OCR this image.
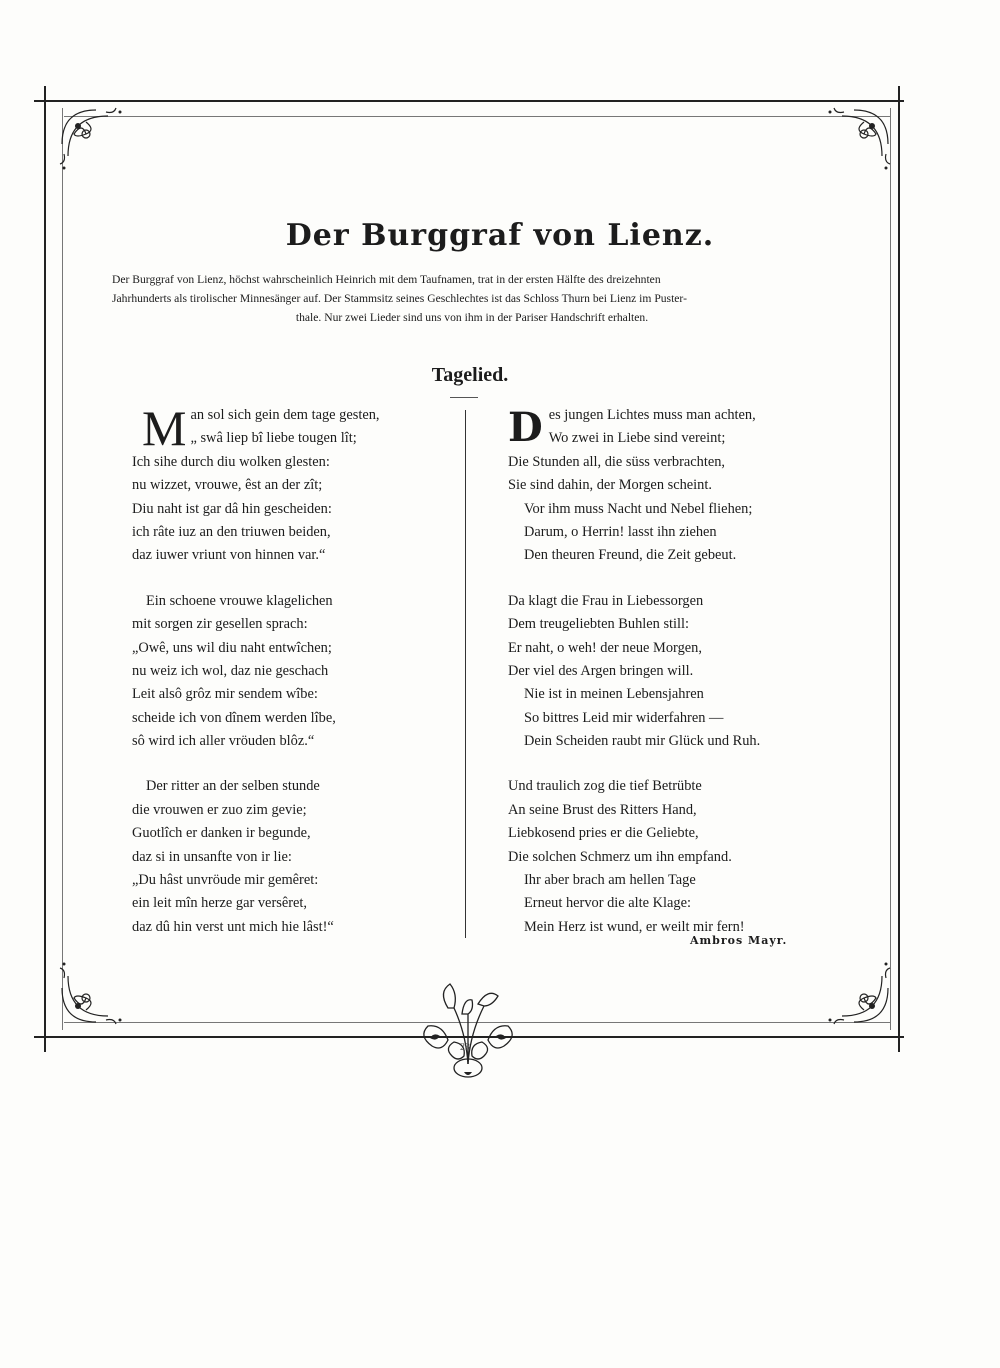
Der Burggraf von Lienz.
Der Burggraf von Lienz, höchst wahrscheinlich Heinrich mit dem Taufnamen, trat in der ersten Hälfte des dreizehnten
Jahrhunderts als tirolischer Minnesänger auf. Der Stammsitz seines Geschlechtes ist das Schloss Thurn bei Lienz im Puster-
thale. Nur zwei Lieder sind uns von ihm in der Pariser Handschrift erhalten.
Tagelied.
M an sol sich gein dem tage gesten,
„ swâ liep bî liebe tougen lît;
Ich sihe durch diu wolken glesten:
nu wizzet, vrouwe, êst an der zît;
Diu naht ist gar dâ hin gescheiden:
ich râte iuz an den triuwen beiden,
daz iuwer vriunt von hinnen var.“
Ein schoene vrouwe klagelichen
mit sorgen zir gesellen sprach:
„Owê, uns wil diu naht entwîchen;
nu weiz ich wol, daz nie geschach
Leit alsô grôz mir sendem wîbe:
scheide ich von dînem werden lîbe,
sô wird ich aller vröuden blôz.“
Der ritter an der selben stunde
die vrouwen er zuo zim gevie;
Guotlîch er danken ir begunde,
daz si in unsanfte von ir lie:
„Du hâst unvröude mir gemêret:
ein leit mîn herze gar versêret,
daz dû hin verst unt mich hie lâst!“
D es jungen Lichtes muss man achten,
Wo zwei in Liebe sind vereint;
Die Stunden all, die süss verbrachten,
Sie sind dahin, der Morgen scheint.
Vor ihm muss Nacht und Nebel fliehen;
Darum, o Herrin! lasst ihn ziehen
Den theuren Freund, die Zeit gebeut.
Da klagt die Frau in Liebessorgen
Dem treugeliebten Buhlen still:
Er naht, o weh! der neue Morgen,
Der viel des Argen bringen will.
Nie ist in meinen Lebensjahren
So bittres Leid mir widerfahren —
Dein Scheiden raubt mir Glück und Ruh.
Und traulich zog die tief Betrübte
An seine Brust des Ritters Hand,
Liebkosend pries er die Geliebte,
Die solchen Schmerz um ihn empfand.
Ihr aber brach am hellen Tage
Erneut hervor die alte Klage:
Mein Herz ist wund, er weilt mir fern!
Ambros Mayr.
23
